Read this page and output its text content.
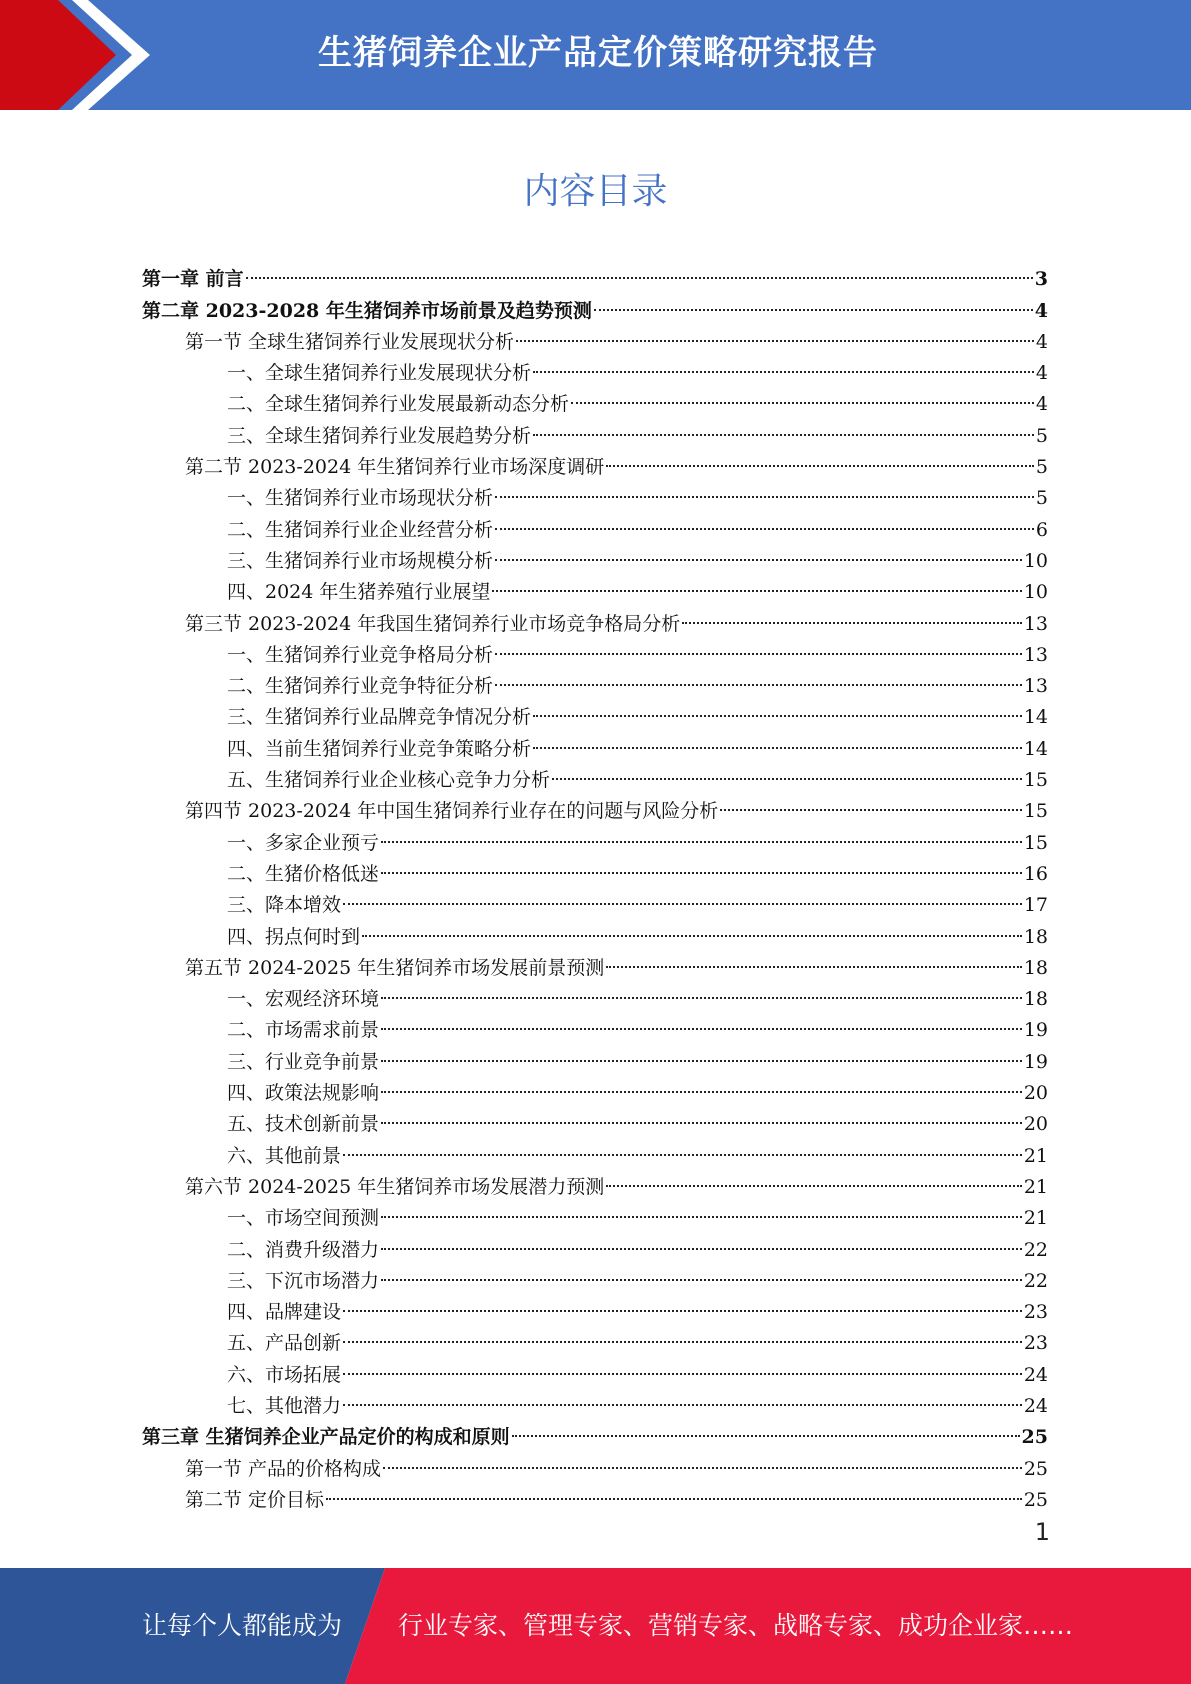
生猪饲养企业产品定价策略研究报告
内容目录
第一章 前言	3
第二章 2023-2028 年生猪饲养市场前景及趋势预测	4
第一节 全球生猪饲养行业发展现状分析	4
一、全球生猪饲养行业发展现状分析	4
二、全球生猪饲养行业发展最新动态分析	4
三、全球生猪饲养行业发展趋势分析	5
第二节 2023-2024 年生猪饲养行业市场深度调研	5
一、生猪饲养行业市场现状分析	5
二、生猪饲养行业企业经营分析	6
三、生猪饲养行业市场规模分析	10
四、2024 年生猪养殖行业展望	10
第三节 2023-2024 年我国生猪饲养行业市场竞争格局分析	13
一、生猪饲养行业竞争格局分析	13
二、生猪饲养行业竞争特征分析	13
三、生猪饲养行业品牌竞争情况分析	14
四、当前生猪饲养行业竞争策略分析	14
五、生猪饲养行业企业核心竞争力分析	15
第四节 2023-2024 年中国生猪饲养行业存在的问题与风险分析	15
一、多家企业预亏	15
二、生猪价格低迷	16
三、降本增效	17
四、拐点何时到	18
第五节 2024-2025 年生猪饲养市场发展前景预测	18
一、宏观经济环境	18
二、市场需求前景	19
三、行业竞争前景	19
四、政策法规影响	20
五、技术创新前景	20
六、其他前景	21
第六节 2024-2025 年生猪饲养市场发展潜力预测	21
一、市场空间预测	21
二、消费升级潜力	22
三、下沉市场潜力	22
四、品牌建设	23
五、产品创新	23
六、市场拓展	24
七、其他潜力	24
第三章 生猪饲养企业产品定价的构成和原则	25
第一节 产品的价格构成	25
第二节 定价目标	25
1
让每个人都能成为 行业专家、管理专家、营销专家、战略专家、成功企业家……
